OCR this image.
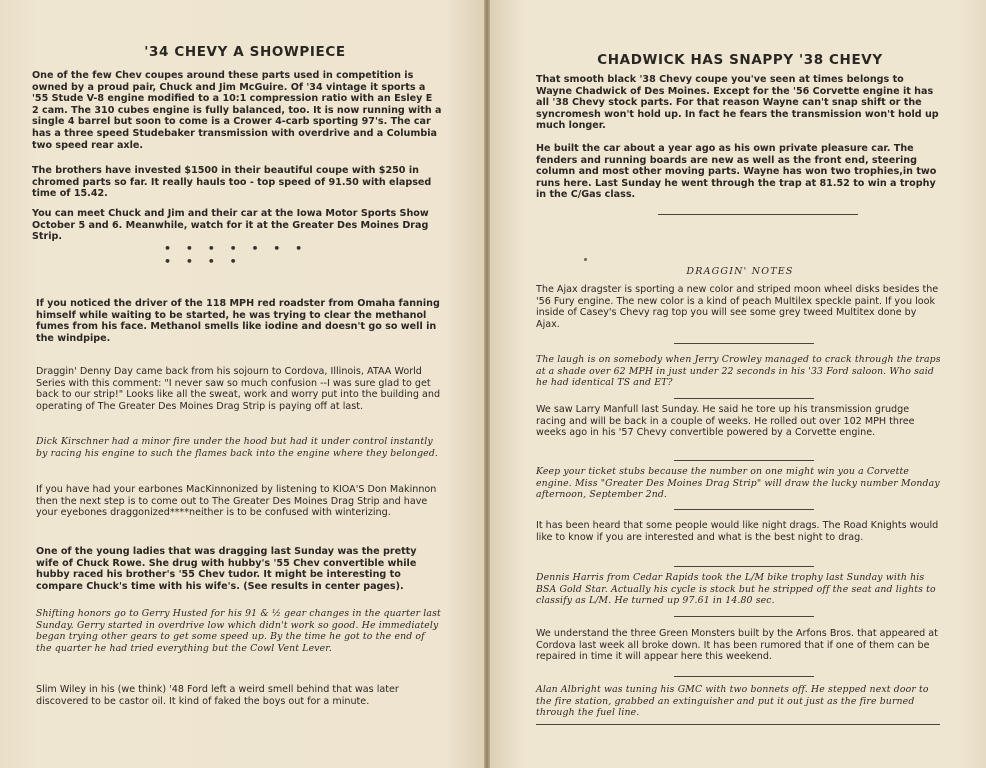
'34 CHEVY A SHOWPIECE
One of the few Chev coupes around these parts used in competition is owned by a proud pair, Chuck and Jim McGuire. Of '34 vintage it sports a '55 Stude V-8 engine modified to a 10:1 compression ratio with an Esley E 2 cam. The 310 cubes engine is fully balanced, too. It is now running with a single 4 barrel but soon to come is a Crower 4-carb sporting 97's. The car has a three speed Studebaker transmission with overdrive and a Columbia two speed rear axle.
The brothers have invested $1500 in their beautiful coupe with $250 in chromed parts so far. It really hauls too - top speed of 91.50 with elapsed time of 15.42.
You can meet Chuck and Jim and their car at the Iowa Motor Sports Show October 5 and 6. Meanwhile, watch for it at the Greater Des Moines Drag Strip.
• • • • • • • • • • •
If you noticed the driver of the 118 MPH red roadster from Omaha fanning himself while waiting to be started, he was trying to clear the methanol fumes from his face. Methanol smells like iodine and doesn't go so well in the windpipe.
Draggin' Denny Day came back from his sojourn to Cordova, Illinois, ATAA World Series with this comment: "I never saw so much confusion --I was sure glad to get back to our strip!" Looks like all the sweat, work and worry put into the building and operating of The Greater Des Moines Drag Strip is paying off at last.
Dick Kirschner had a minor fire under the hood but had it under control instantly by racing his engine to such the flames back into the engine where they belonged.
If you have had your earbones MacKinnonized by listening to KIOA'S Don Makinnon then the next step is to come out to The Greater Des Moines Drag Strip and have your eyebones draggonized****neither is to be confused with winterizing.
One of the young ladies that was dragging last Sunday was the pretty wife of Chuck Rowe. She drug with hubby's '55 Chev convertible while hubby raced his brother's '55 Chev tudor. It might be interesting to compare Chuck's time with his wife's. (See results in center pages).
Shifting honors go to Gerry Husted for his 91 & ½ gear changes in the quarter last Sunday. Gerry started in overdrive low which didn't work so good. He immediately began trying other gears to get some speed up. By the time he got to the end of the quarter he had tried everything but the Cowl Vent Lever.
Slim Wiley in his (we think) '48 Ford left a weird smell behind that was later discovered to be castor oil. It kind of faked the boys out for a minute.
CHADWICK HAS SNAPPY '38 CHEVY
That smooth black '38 Chevy coupe you've seen at times belongs to Wayne Chadwick of Des Moines. Except for the '56 Corvette engine it has all '38 Chevy stock parts. For that reason Wayne can't snap shift or the syncromesh won't hold up. In fact he fears the transmission won't hold up much longer.
He built the car about a year ago as his own private pleasure car. The fenders and running boards are new as well as the front end, steering column and most other moving parts. Wayne has won two trophies,in two runs here. Last Sunday he went through the trap at 81.52 to win a trophy in the C/Gas class.
DRAGGIN' NOTES
The Ajax dragster is sporting a new color and striped moon wheel disks besides the '56 Fury engine. The new color is a kind of peach Multilex speckle paint. If you look inside of Casey's Chevy rag top you will see some grey tweed Multitex done by Ajax.
The laugh is on somebody when Jerry Crowley managed to crack through the traps at a shade over 62 MPH in just under 22 seconds in his '33 Ford saloon. Who said he had identical TS and ET?
We saw Larry Manfull last Sunday. He said he tore up his transmission grudge racing and will be back in a couple of weeks. He rolled out over 102 MPH three weeks ago in his '57 Chevy convertible powered by a Corvette engine.
Keep your ticket stubs because the number on one might win you a Corvette engine. Miss "Greater Des Moines Drag Strip" will draw the lucky number Monday afternoon, September 2nd.
It has been heard that some people would like night drags. The Road Knights would like to know if you are interested and what is the best night to drag.
Dennis Harris from Cedar Rapids took the L/M bike trophy last Sunday with his BSA Gold Star. Actually his cycle is stock but he stripped off the seat and lights to classify as L/M. He turned up 97.61 in 14.80 sec.
We understand the three Green Monsters built by the Arfons Bros. that appeared at Cordova last week all broke down. It has been rumored that if one of them can be repaired in time it will appear here this weekend.
Alan Albright was tuning his GMC with two bonnets off. He stepped next door to the fire station, grabbed an extinguisher and put it out just as the fire burned through the fuel line.
